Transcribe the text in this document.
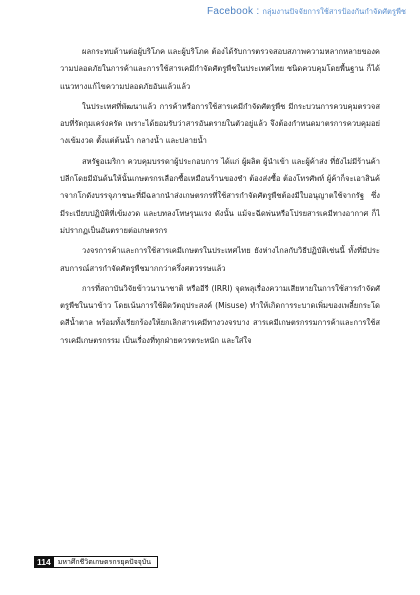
Facebook : กลุ่มงานปัจจัยการใช้สารป้องกันกำจัดศัตรูพืช

ผลกระทบด้านต่อผู้บริโภค และผู้บริโภค ต้องได้รับการตรวจสอบสภาพความหลากหลายของความปลอดภัยในการค้าและการใช้สารเคมีกำจัดศัตรูพืชในประเทศไทย ชนิดควบคุมโดยพื้นฐาน ก็ได้แนวทางแก้ไขความปลอดภัยอันแล้วแล้ว

ในประเทศที่พัฒนาแล้ว การค้าหรือการใช้สารเคมีกำจัดศัตรูพืช มีกระบวนการควบคุมตรวจสอบที่รัดกุมเคร่งครัด เพราะได้ยอมรับว่าสารอันตรายในตัวอยู่แล้ว จึงต้องกำหนดมาตรการควบคุมอย่างเข้มงวด ตั้งแต่ต้นน้ำ กลางน้ำ และปลายน้ำ

สหรัฐอเมริกา ควบคุมบรรดาผู้ประกอบการ ได้แก่ ผู้ผลิต ผู้นำเข้า และผู้ค้าส่ง ที่ยังไม่มีร้านค้าปลีกโดยมีมันด้นให้นั้นเกษตรกรเลือกซื้อเหมือนร้านของชำ ต้องส่งซื้อ ต้องโทรศัพท์ ผู้ค้าก็จะเอาสินค้าจากโกดังบรรจุภาชนะที่มีฉลากนำส่งเกษตรกรที่ใช้สารกำจัดศัตรูพืชต้องมีใบอนุญาตใช้จากรัฐ ซึ่งมีระเบียบปฏิบัติที่เข้มงวด และบทลงโทษรุนแรง ดังนั้น แม้จะฉีดพ่นหรือโปรยสารเคมีทางอากาศ ก็ไม่ปรากฏเป็นอันตรายต่อเกษตรกร

วงจรการค้าและการใช้สารเคมีเกษตรในประเทศไทย ยังห่างไกลกับวิธีปฏิบัติเช่นนี้ ทั้งที่มีประสบการณ์สารกำจัดศัตรูพืชมากกว่าครึ่งศตวรรษแล้ว

การที่สถาบันวิจัยข้าวนานาชาติ หรืออีรี (IRRI) จุดพลุเรื่องความเสียหายในการใช้สารกำจัดศัตรูพืชในนาข้าว โดยเน้นการใช้ผิดวัตถุประสงค์ (Misuse) ทำให้เกิดการระบาดเพิ่มของเพลี้ยกระโดดสีน้ำตาล พร้อมทั้งเรียกร้องให้ยกเลิกสารเคมีทางวงจรบาง สารเคมีเกษตรกรรมการค้าและการใช้สารเคมีเกษตรกรรม เป็นเรื่องที่ทุกฝ่ายควรตระหนัก และใส่ใจ

114	มหาศึกชีวิตเกษตรกรยุคปัจจุบัน
